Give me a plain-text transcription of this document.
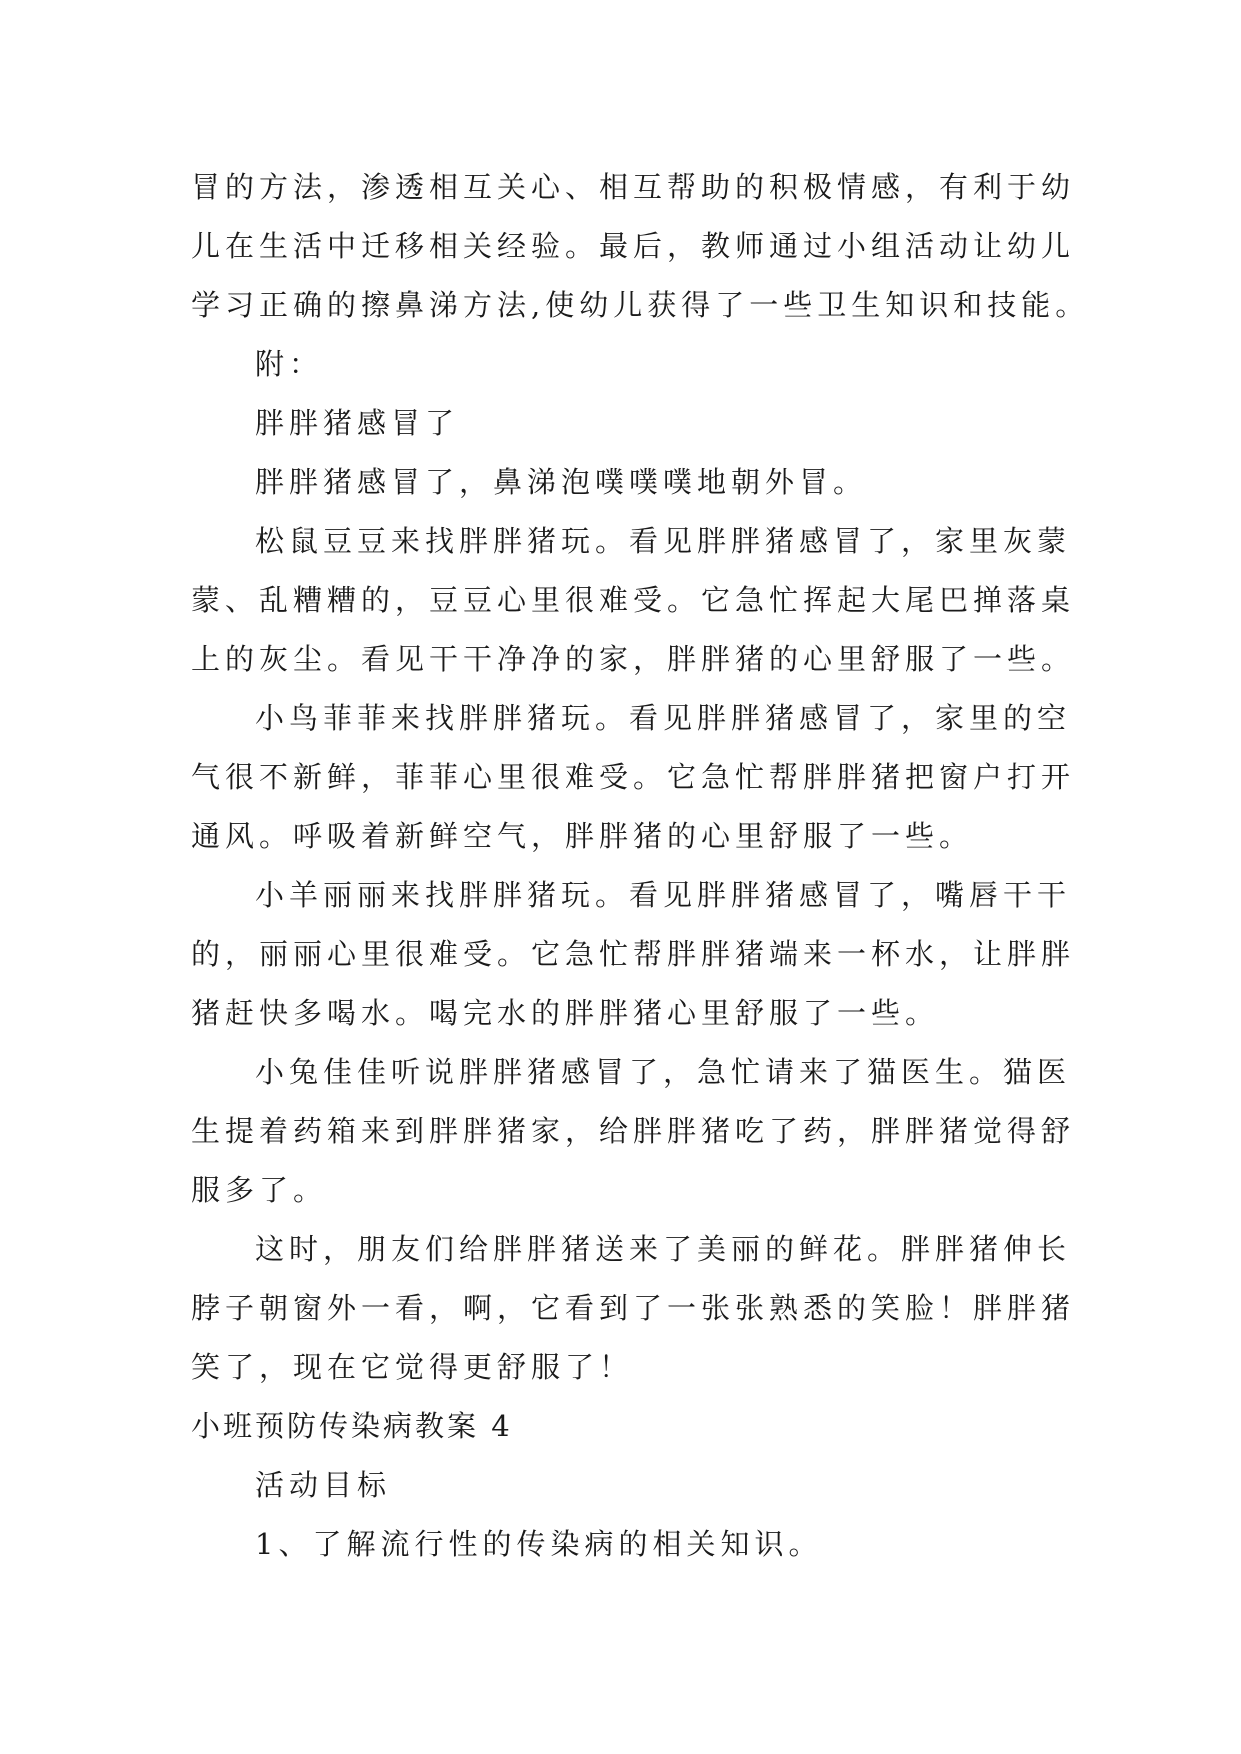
冒的方法，渗透相互关心、相互帮助的积极情感，有利于幼
儿在生活中迁移相关经验。最后，教师通过小组活动让幼儿
学习正确的擦鼻涕方法,使幼儿获得了一些卫生知识和技能。
附：
胖胖猪感冒了
胖胖猪感冒了，鼻涕泡噗噗噗地朝外冒。
松鼠豆豆来找胖胖猪玩。看见胖胖猪感冒了，家里灰蒙
蒙、乱糟糟的，豆豆心里很难受。它急忙挥起大尾巴掸落桌
上的灰尘。看见干干净净的家，胖胖猪的心里舒服了一些。
小鸟菲菲来找胖胖猪玩。看见胖胖猪感冒了，家里的空
气很不新鲜，菲菲心里很难受。它急忙帮胖胖猪把窗户打开
通风。呼吸着新鲜空气，胖胖猪的心里舒服了一些。
小羊丽丽来找胖胖猪玩。看见胖胖猪感冒了，嘴唇干干
的，丽丽心里很难受。它急忙帮胖胖猪端来一杯水，让胖胖
猪赶快多喝水。喝完水的胖胖猪心里舒服了一些。
小兔佳佳听说胖胖猪感冒了，急忙请来了猫医生。猫医
生提着药箱来到胖胖猪家，给胖胖猪吃了药，胖胖猪觉得舒
服多了。
这时，朋友们给胖胖猪送来了美丽的鲜花。胖胖猪伸长
脖子朝窗外一看，啊，它看到了一张张熟悉的笑脸！胖胖猪
笑了，现在它觉得更舒服了！
小班预防传染病教案 4
活动目标
1、了解流行性的传染病的相关知识。
